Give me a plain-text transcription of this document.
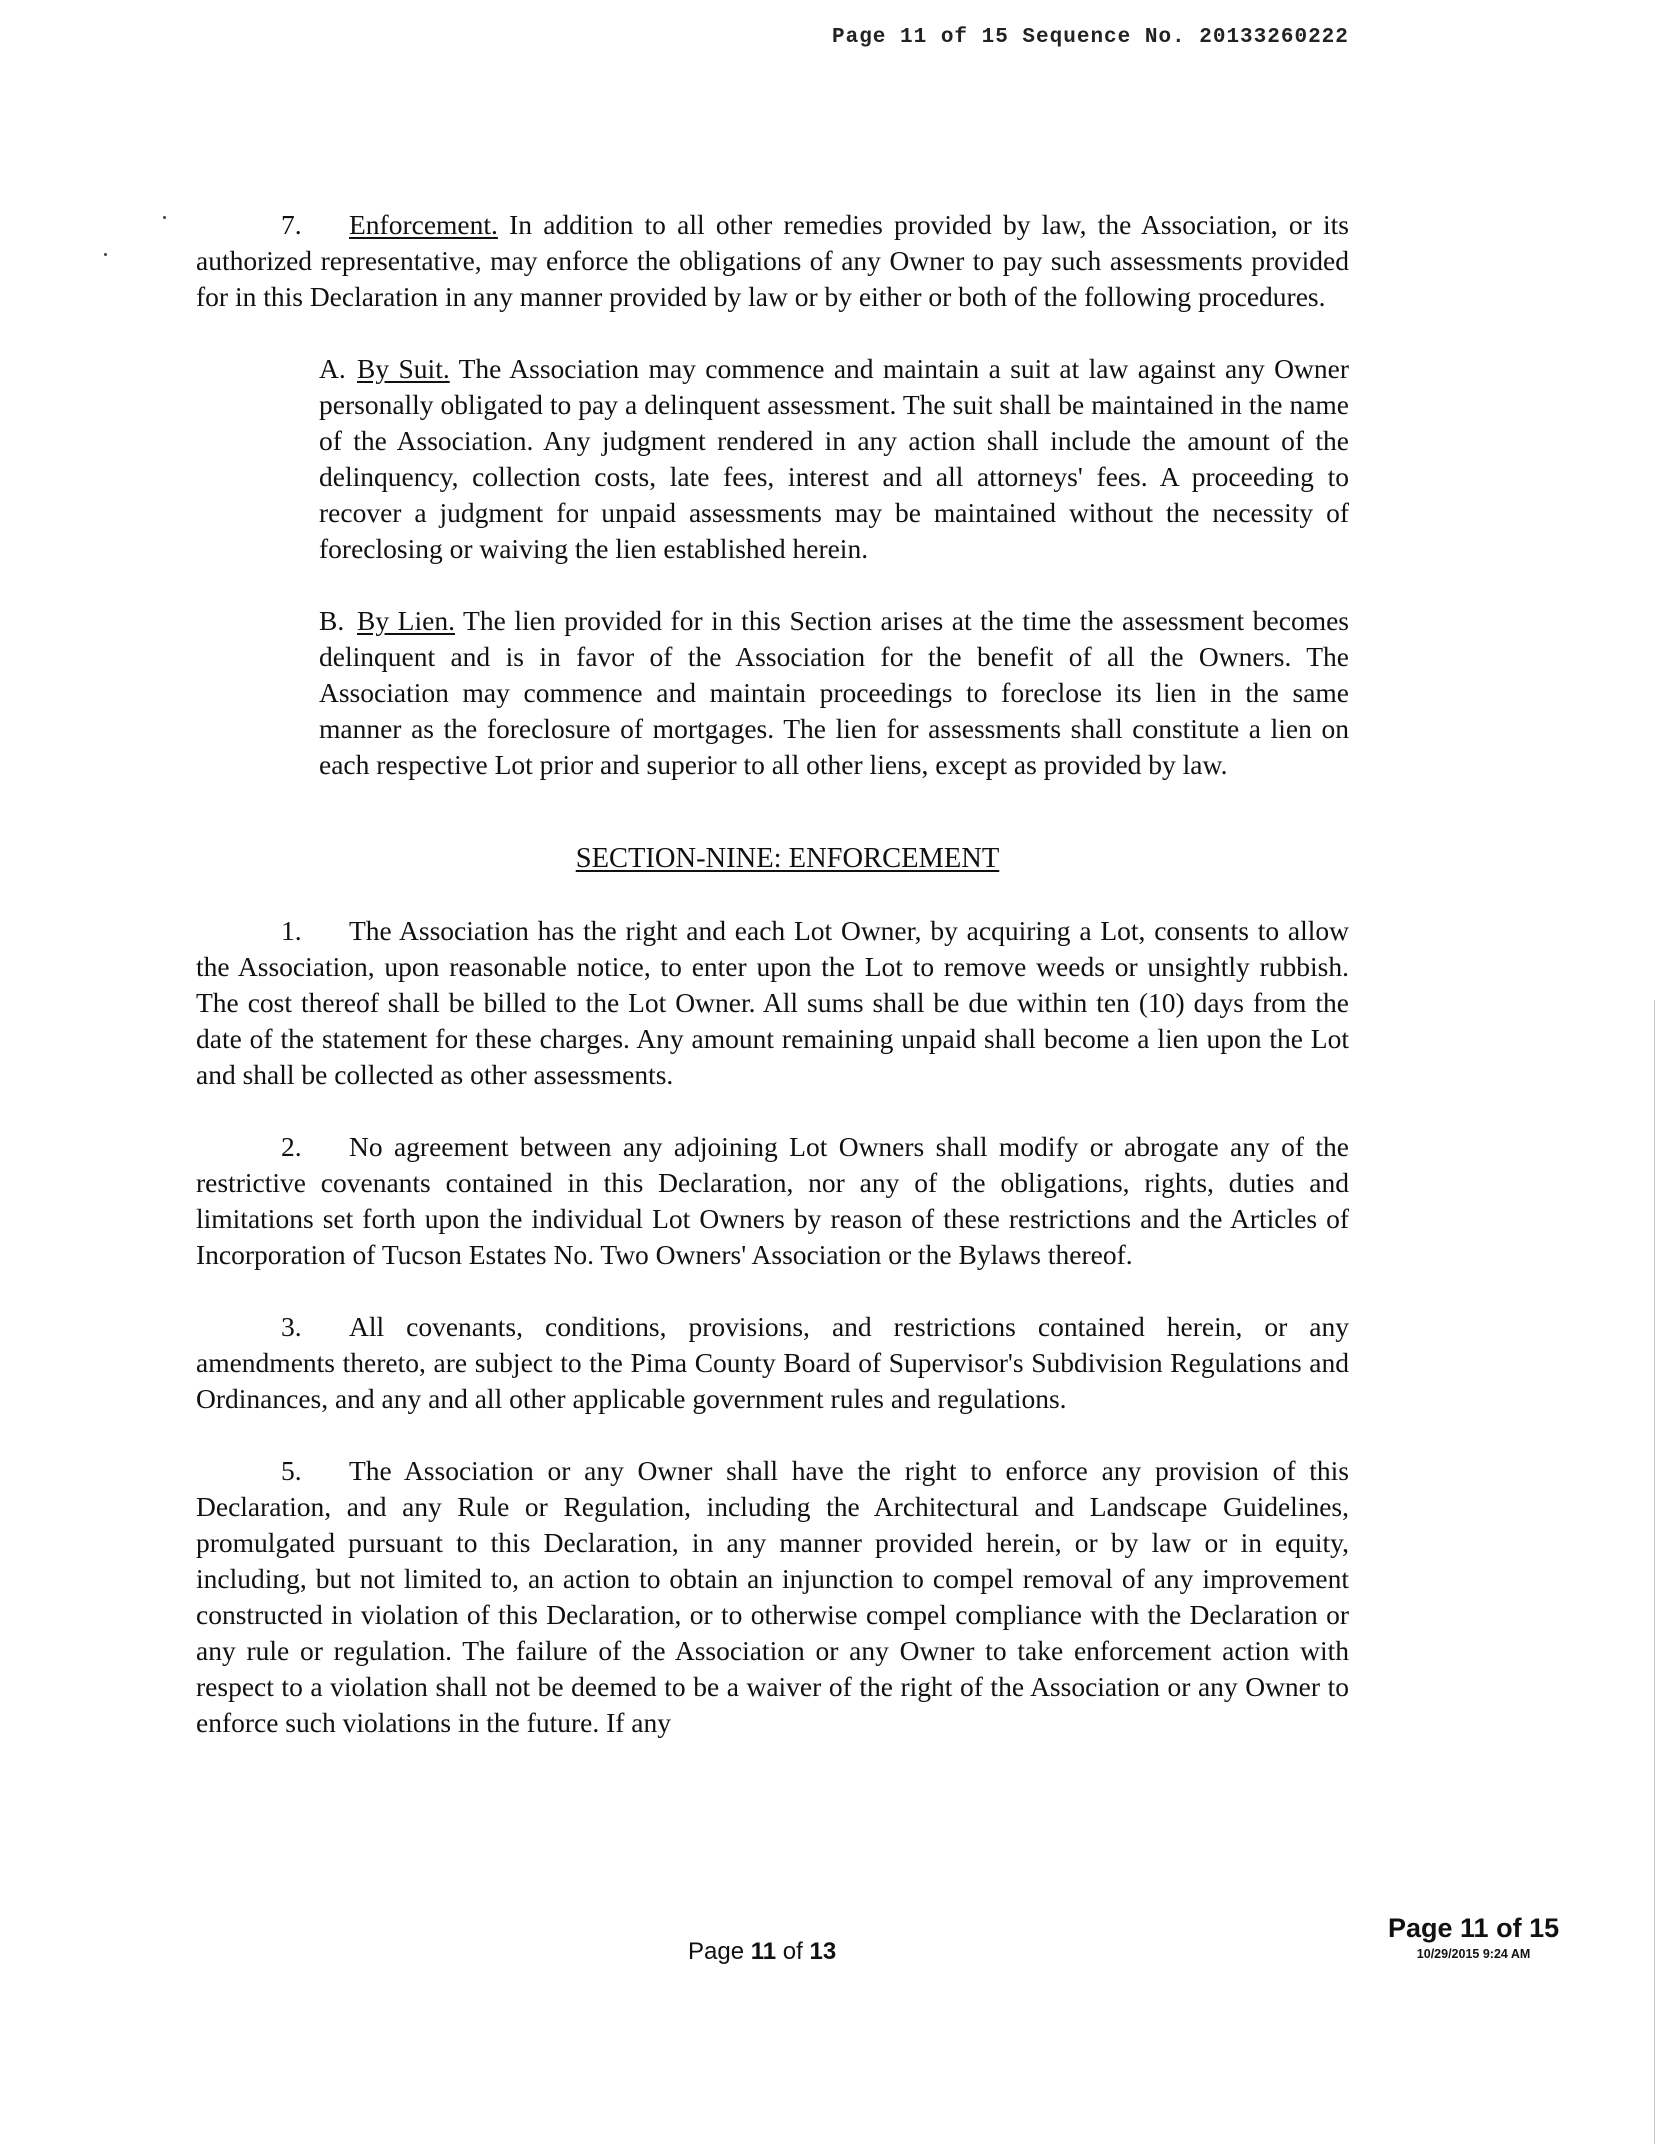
Page 11 of 15 Sequence No. 20133260222

7. Enforcement. In addition to all other remedies provided by law, the Association, or its authorized representative, may enforce the obligations of any Owner to pay such assessments provided for in this Declaration in any manner provided by law or by either or both of the following procedures.

A. By Suit. The Association may commence and maintain a suit at law against any Owner personally obligated to pay a delinquent assessment. The suit shall be maintained in the name of the Association. Any judgment rendered in any action shall include the amount of the delinquency, collection costs, late fees, interest and all attorneys' fees. A proceeding to recover a judgment for unpaid assessments may be maintained without the necessity of foreclosing or waiving the lien established herein.

B. By Lien. The lien provided for in this Section arises at the time the assessment becomes delinquent and is in favor of the Association for the benefit of all the Owners. The Association may commence and maintain proceedings to foreclose its lien in the same manner as the foreclosure of mortgages. The lien for assessments shall constitute a lien on each respective Lot prior and superior to all other liens, except as provided by law.

SECTION-NINE: ENFORCEMENT

1. The Association has the right and each Lot Owner, by acquiring a Lot, consents to allow the Association, upon reasonable notice, to enter upon the Lot to remove weeds or unsightly rubbish. The cost thereof shall be billed to the Lot Owner. All sums shall be due within ten (10) days from the date of the statement for these charges. Any amount remaining unpaid shall become a lien upon the Lot and shall be collected as other assessments.

2. No agreement between any adjoining Lot Owners shall modify or abrogate any of the restrictive covenants contained in this Declaration, nor any of the obligations, rights, duties and limitations set forth upon the individual Lot Owners by reason of these restrictions and the Articles of Incorporation of Tucson Estates No. Two Owners' Association or the Bylaws thereof.

3. All covenants, conditions, provisions, and restrictions contained herein, or any amendments thereto, are subject to the Pima County Board of Supervisor's Subdivision Regulations and Ordinances, and any and all other applicable government rules and regulations.

5. The Association or any Owner shall have the right to enforce any provision of this Declaration, and any Rule or Regulation, including the Architectural and Landscape Guidelines, promulgated pursuant to this Declaration, in any manner provided herein, or by law or in equity, including, but not limited to, an action to obtain an injunction to compel removal of any improvement constructed in violation of this Declaration, or to otherwise compel compliance with the Declaration or any rule or regulation. The failure of the Association or any Owner to take enforcement action with respect to a violation shall not be deemed to be a waiver of the right of the Association or any Owner to enforce such violations in the future. If any

Page 11 of 13
Page 11 of 15
10/29/2015 9:24 AM
